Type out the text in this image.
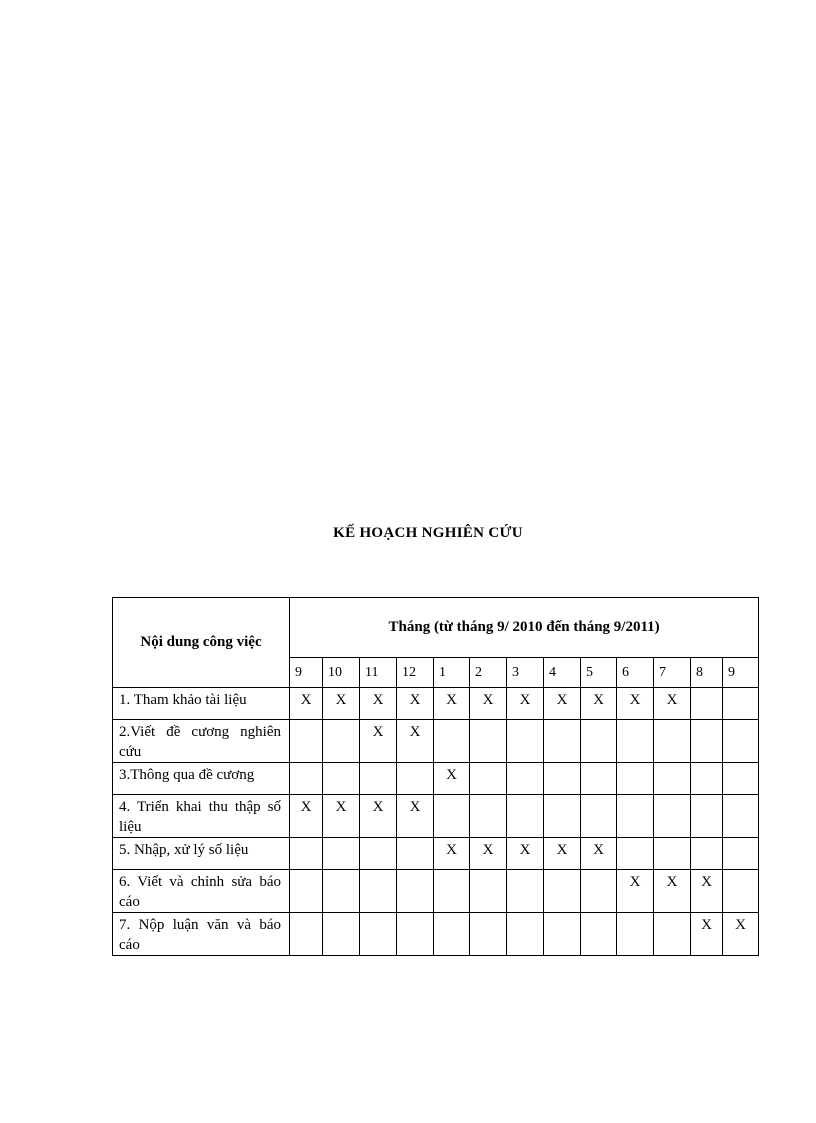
KẾ HOẠCH NGHIÊN CỨU
Nội dung công việc	Tháng (từ tháng 9/ 2010 đến tháng 9/2011)												
	9	10	11	12	1	2	3	4	5	6	7	8	9
1. Tham khảo tài liệu	X	X	X	X	X	X	X	X	X	X	X		
2.Viết đề cương nghiên cứu			X	X									
3.Thông qua đề cương					X								
4. Triển khai thu thập số liệu	X	X	X	X									
5. Nhập, xử lý số liệu					X	X	X	X	X				
6. Viết và chỉnh sửa báo cáo										X	X	X	
7. Nộp luận văn và báo cáo												X	X
